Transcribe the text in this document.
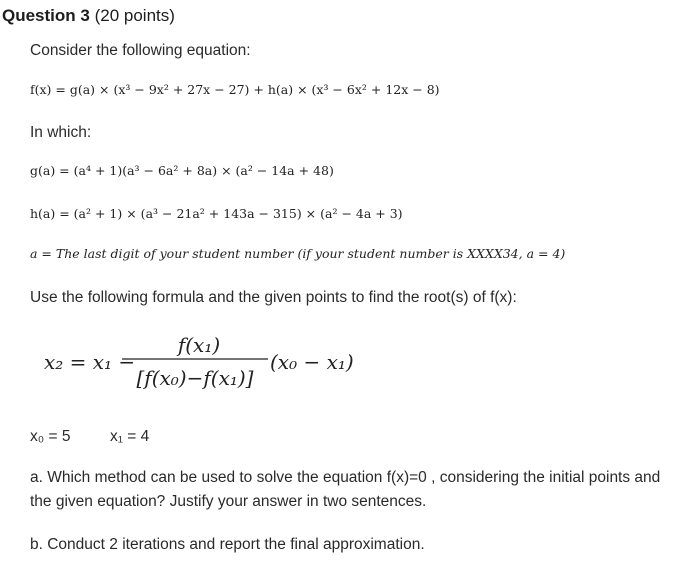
Question 3 (20 points)
Consider the following equation:
f(x) = g(a) × (x³ − 9x² + 27x − 27) + h(a) × (x³ − 6x² + 12x − 8)
In which:
g(a) = (a⁴ + 1)(a³ − 6a² + 8a) × (a² − 14a + 48)
h(a) = (a² + 1) × (a³ − 21a² + 143a − 315) × (a² − 4a + 3)
a = The last digit of your student number (if your student number is XXXX34, a = 4)
Use the following formula and the given points to find the root(s) of f(x):
x₂ = x₁ −
f(x₁)
[f(x₀)−f(x₁)]
(x₀ − x₁)
x₀ = 5	x₁ = 4
a. Which method can be used to solve the equation f(x)=0 , considering the initial points and the given equation? Justify your answer in two sentences.
b. Conduct 2 iterations and report the final approximation.
